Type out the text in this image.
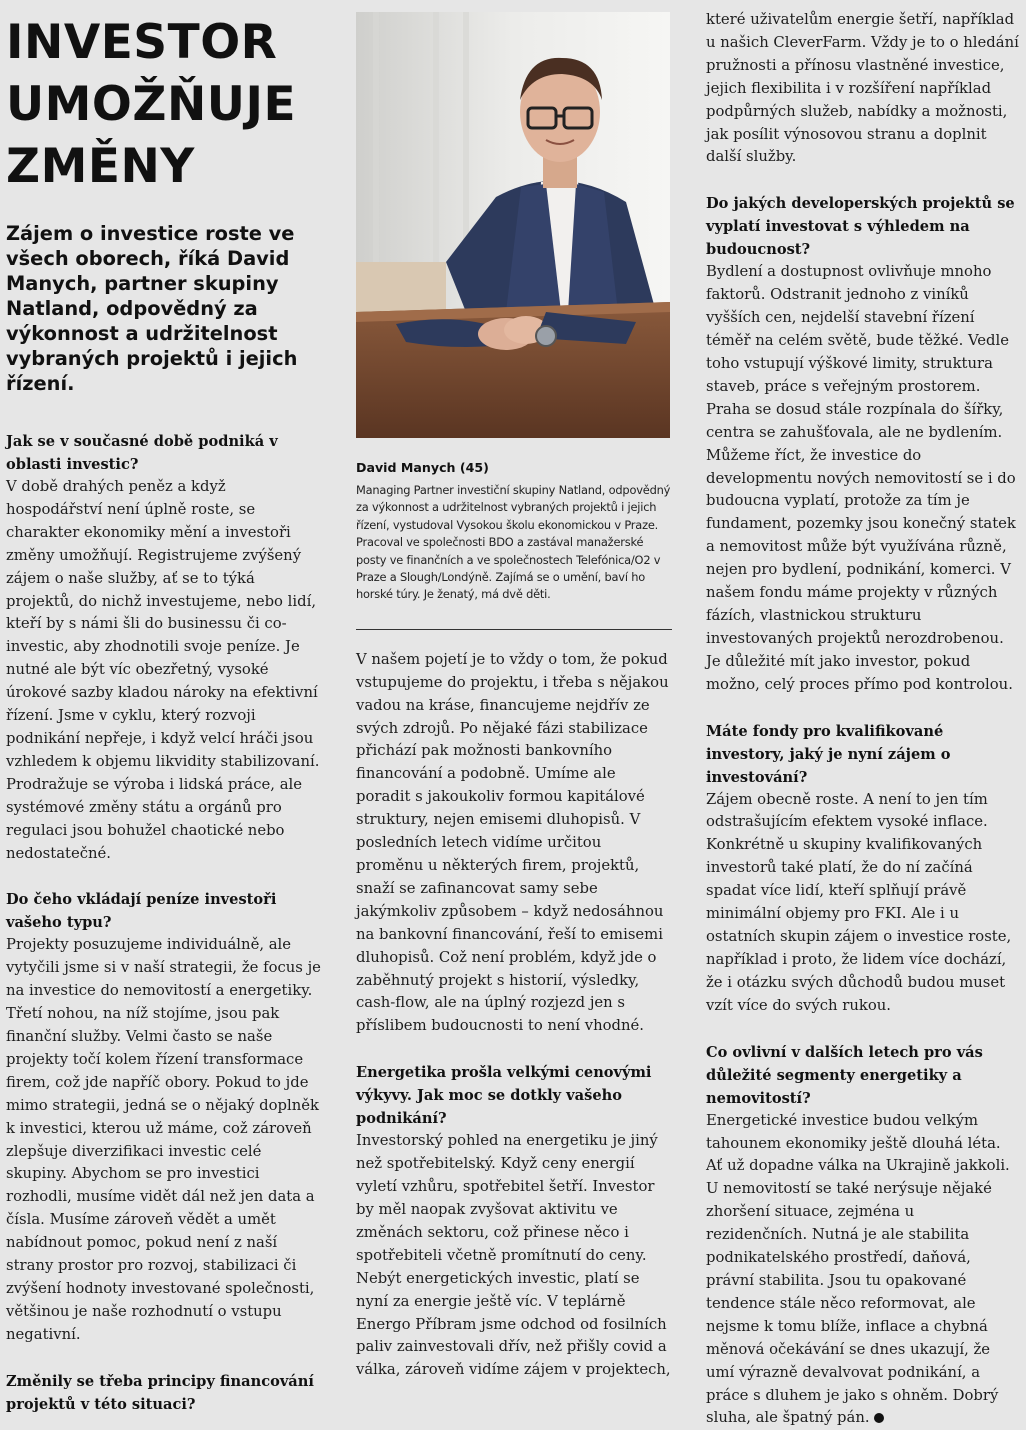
INVESTOR
UMOŽŇUJE
ZMĚNY

Zájem o investice roste ve všech oborech, říká David Manych, partner skupiny Natland, odpovědný za výkonnost a udržitelnost vybraných projektů i jejich řízení.

Jak se v současné době podniká v oblasti investic?

V době drahých peněz a když hospodářství není úplně roste, se charakter ekonomiky mění a investoři změny umožňují. Registrujeme zvýšený zájem o naše služby, ať se to týká projektů, do nichž investujeme, nebo lidí, kteří by s námi šli do businessu či co-investic, aby zhodnotili svoje peníze. Je nutné ale být víc obezřetný, vysoké úrokové sazby kladou nároky na efektivní řízení. Jsme v cyklu, který rozvoji podnikání nepřeje, i když velcí hráči jsou vzhledem k objemu likvidity stabilizovaní. Prodražuje se výroba i lidská práce, ale systémové změny státu a orgánů pro regulaci jsou bohužel chaotické nebo nedostatečné.

Do čeho vkládají peníze investoři vašeho typu?

Projekty posuzujeme individuálně, ale vytyčili jsme si v naší strategii, že focus je na investice do nemovitostí a energetiky. Třetí nohou, na níž stojíme, jsou pak finanční služby. Velmi často se naše projekty točí kolem řízení transformace firem, což jde napříč obory. Pokud to jde mimo strategii, jedná se o nějaký doplněk k investici, kterou už máme, což zároveň zlepšuje diverzifikaci investic celé skupiny. Abychom se pro investici rozhodli, musíme vidět dál než jen data a čísla. Musíme zároveň vědět a umět nabídnout pomoc, pokud není z naší strany prostor pro rozvoj, stabilizaci či zvýšení hodnoty investované společnosti, většinou je naše rozhodnutí o vstupu negativní.

Změnily se třeba principy financování projektů v této situaci?

David Manych (45)

Managing Partner investiční skupiny Natland, odpovědný za výkonnost a udržitelnost vybraných projektů i jejich řízení, vystudoval Vysokou školu ekonomickou v Praze. Pracoval ve společnosti BDO a zastával manažerské posty ve finančních a ve společnostech Telefónica/O2 v Praze a Slough/Londýně. Zajímá se o umění, baví ho horské túry. Je ženatý, má dvě děti.

V našem pojetí je to vždy o tom, že pokud vstupujeme do projektu, i třeba s nějakou vadou na kráse, financujeme nejdřív ze svých zdrojů. Po nějaké fázi stabilizace přichází pak možnosti bankovního financování a podobně. Umíme ale poradit s jakoukoliv formou kapitálové struktury, nejen emisemi dluhopisů. V posledních letech vidíme určitou proměnu u některých firem, projektů, snaží se zafinancovat samy sebe jakýmkoliv způsobem – když nedosáhnou na bankovní financování, řeší to emisemi dluhopisů. Což není problém, když jde o zaběhnutý projekt s historií, výsledky, cash-flow, ale na úplný rozjezd jen s příslibem budoucnosti to není vhodné.

Energetika prošla velkými cenovými výkyvy. Jak moc se dotkly vašeho podnikání?

Investorský pohled na energetiku je jiný než spotřebitelský. Když ceny energií vyletí vzhůru, spotřebitel šetří. Investor by měl naopak zvyšovat aktivitu ve změnách sektoru, což přinese něco i spotřebiteli včetně promítnutí do ceny. Nebýt energetických investic, platí se nyní za energie ještě víc. V teplárně Energo Příbram jsme odchod od fosilních paliv zainvestovali dřív, než přišly covid a válka, zároveň vidíme zájem v projektech,

které uživatelům energie šetří, například u našich CleverFarm. Vždy je to o hledání pružnosti a přínosu vlastněné investice, jejich flexibilita i v rozšíření například podpůrných služeb, nabídky a možnosti, jak posílit výnosovou stranu a doplnit další služby.

Do jakých developerských projektů se vyplatí investovat s výhledem na budoucnost?

Bydlení a dostupnost ovlivňuje mnoho faktorů. Odstranit jednoho z viníků vyšších cen, nejdelší stavební řízení téměř na celém světě, bude těžké. Vedle toho vstupují výškové limity, struktura staveb, práce s veřejným prostorem. Praha se dosud stále rozpínala do šířky, centra se zahušťovala, ale ne bydlením. Můžeme říct, že investice do developmentu nových nemovitostí se i do budoucna vyplatí, protože za tím je fundament, pozemky jsou konečný statek a nemovitost může být využívána různě, nejen pro bydlení, podnikání, komerci. V našem fondu máme projekty v různých fázích, vlastnickou strukturu investovaných projektů nerozdrobenou. Je důležité mít jako investor, pokud možno, celý proces přímo pod kontrolou.

Máte fondy pro kvalifikované investory, jaký je nyní zájem o investování?

Zájem obecně roste. A není to jen tím odstrašujícím efektem vysoké inflace. Konkrétně u skupiny kvalifikovaných investorů také platí, že do ní začíná spadat více lidí, kteří splňují právě minimální objemy pro FKI. Ale i u ostatních skupin zájem o investice roste, například i proto, že lidem více dochází, že i otázku svých důchodů budou muset vzít více do svých rukou.

Co ovlivní v dalších letech pro vás důležité segmenty energetiky a nemovitostí?

Energetické investice budou velkým tahounem ekonomiky ještě dlouhá léta. Ať už dopadne válka na Ukrajině jakkoli. U nemovitostí se také nerýsuje nějaké zhoršení situace, zejména u rezidenčních. Nutná je ale stabilita podnikatelského prostředí, daňová, právní stabilita. Jsou tu opakované tendence stále něco reformovat, ale nejsme k tomu blíže, inflace a chybná měnová očekávání se dnes ukazují, že umí výrazně devalvovat podnikání, a práce s dluhem je jako s ohněm. Dobrý sluha, ale špatný pán.
